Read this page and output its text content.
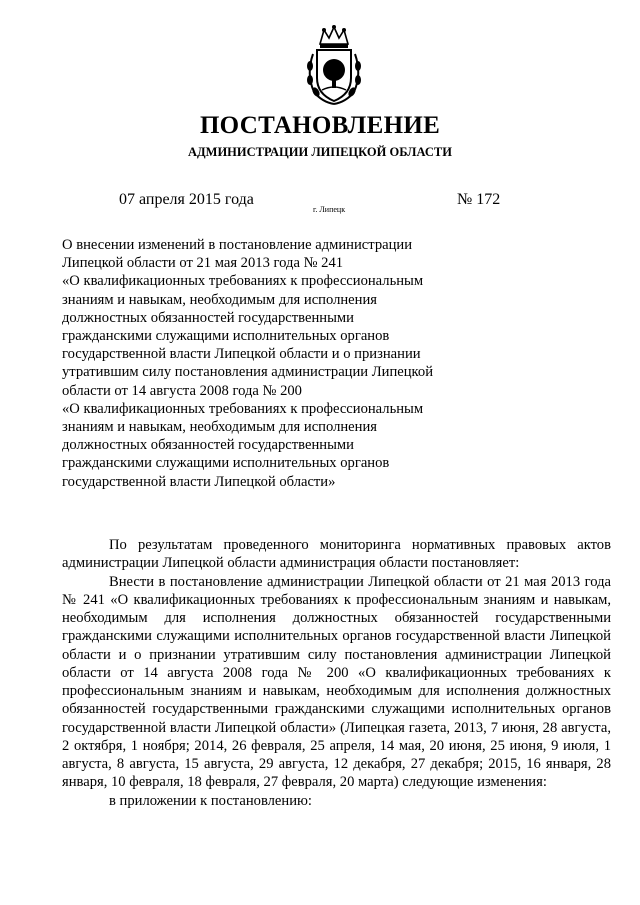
ПОСТАНОВЛЕНИЕ
АДМИНИСТРАЦИИ ЛИПЕЦКОЙ ОБЛАСТИ
07 апреля 2015 года
г. Липецк
№ 172
О внесении изменений в постановление администрации
Липецкой области от 21 мая 2013 года № 241
«О квалификационных требованиях к профессиональным
знаниям и навыкам, необходимым для исполнения
должностных обязанностей государственными
гражданскими служащими исполнительных органов
государственной власти Липецкой области и о признании
утратившим силу постановления администрации Липецкой
области от 14 августа 2008 года № 200
«О квалификационных требованиях к профессиональным
знаниям и навыкам, необходимым для исполнения
должностных обязанностей государственными
гражданскими служащими исполнительных органов
государственной власти Липецкой области»

По результатам проведенного мониторинга нормативных правовых актов администрации Липецкой области администрация области постановляет:

Внести в постановление администрации Липецкой области от 21 мая 2013 года № 241 «О квалификационных требованиях к профессиональным знаниям и навыкам, необходимым для исполнения должностных обязанностей государственными гражданскими служащими исполнительных органов государственной власти Липецкой области и о признании утратившим силу постановления администрации Липецкой области от 14 августа 2008 года № 200 «О квалификационных требованиях к профессиональным знаниям и навыкам, необходимым для исполнения должностных обязанностей государственными гражданскими служащими исполнительных органов государственной власти Липецкой области» (Липецкая газета, 2013, 7 июня, 28 августа, 2 октября, 1 ноября; 2014, 26 февраля, 25 апреля, 14 мая, 20 июня, 25 июня, 9 июля, 1 августа, 8 августа, 15 августа, 29 августа, 12 декабря, 27 декабря; 2015, 16 января, 28 января, 10 февраля, 18 февраля, 27 февраля, 20 марта) следующие изменения:

в приложении к постановлению:
